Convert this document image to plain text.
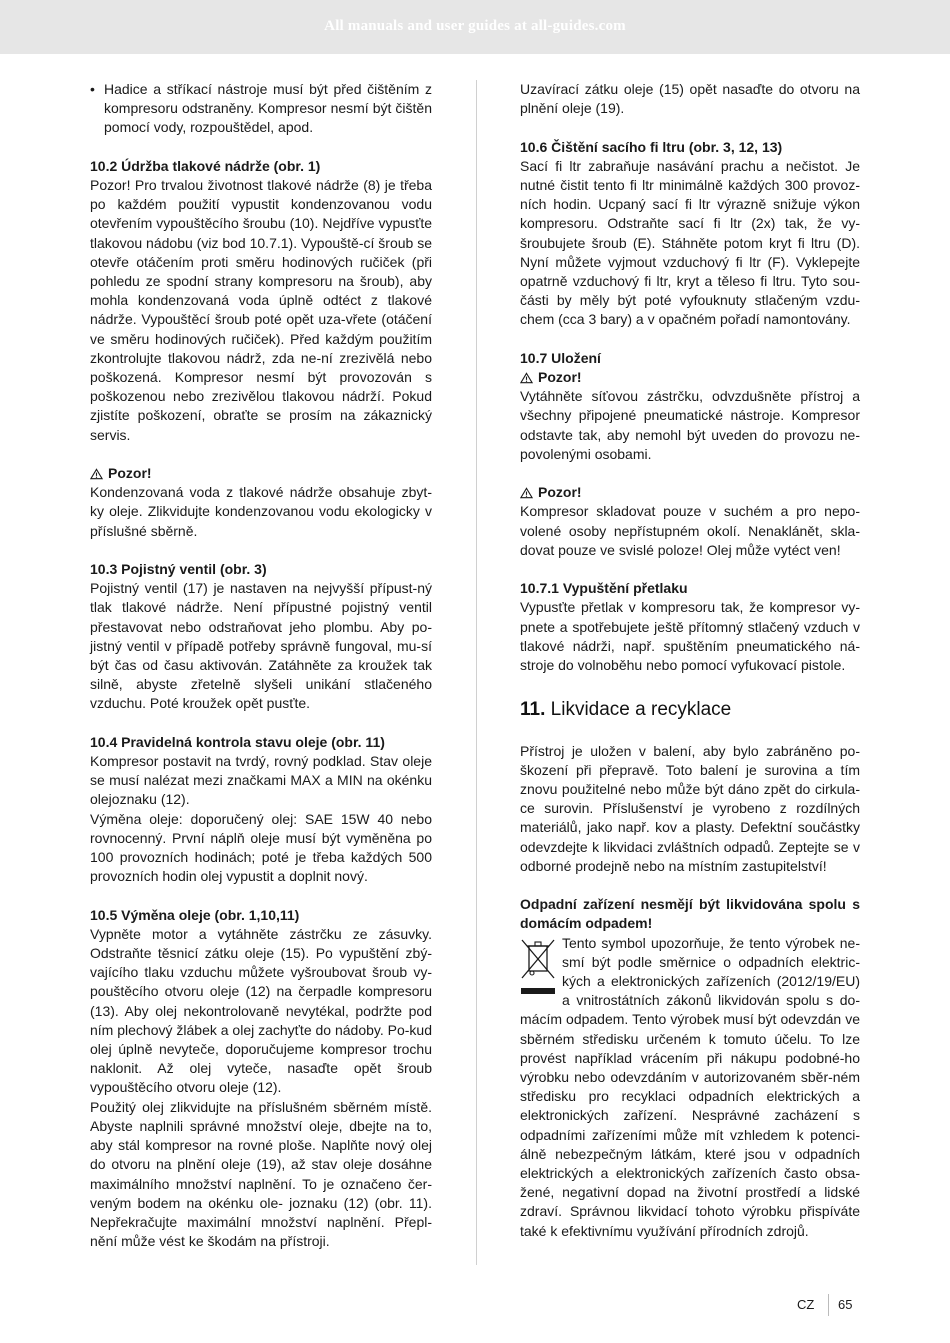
All manuals and user guides at all-guides.com

• Hadice a stříkací nástroje musí být před čištěním z kompresoru odstraněny. Kompresor nesmí být čištěn pomocí vody, rozpouštědel, apod.

10.2 Údržba tlakové nádrže (obr. 1)

Pozor! Pro trvalou životnost tlakové nádrže (8) je třeba po každém použití vypustit kondenzovanou vodu otevřením vypouštěcího šroubu (10). Nejdříve vypusťte tlakovou nádobu (viz bod 10.7.1). Vypouště-cí šroub se otevře otáčením proti směru hodinových ručiček (při pohledu ze spodní strany kompresoru na šroub), aby mohla kondenzovaná voda úplně odtéct z tlakové nádrže. Vypouštěcí šroub poté opět uza-vřete (otáčení ve směru hodinových ručiček). Před každým použitím zkontrolujte tlakovou nádrž, zda ne-ní zrezivělá nebo poškozená. Kompresor nesmí být provozován s poškozenou nebo zrezivělou tlakovou nádrží. Pokud zjistíte poškození, obraťte se prosím na zákaznický servis.

Pozor!

Kondenzovaná voda z tlakové nádrže obsahuje zbyt-ky oleje. Zlikvidujte kondenzovanou vodu ekologicky v příslušné sběrně.

10.3 Pojistný ventil (obr. 3)

Pojistný ventil (17) je nastaven na nejvyšší přípust-ný tlak tlakové nádrže. Není přípustné pojistný ventil přestavovat nebo odstraňovat jeho plombu. Aby po-jistný ventil v případě potřeby správně fungoval, mu-sí být čas od času aktivován. Zatáhněte za kroužek tak silně, abyste zřetelně slyšeli unikání stlačeného vzduchu. Poté kroužek opět pusťte.

10.4 Pravidelná kontrola stavu oleje (obr. 11)

Kompresor postavit na tvrdý, rovný podklad. Stav oleje se musí nalézat mezi značkami MAX a MIN na okénku olejoznaku (12).

Výměna oleje: doporučený olej: SAE 15W 40 nebo rovnocenný. První náplň oleje musí být vyměněna po 100 provozních hodinách; poté je třeba každých 500 provozních hodin olej vypustit a doplnit nový.

10.5 Výměna oleje (obr. 1,10,11)

Vypněte motor a vytáhněte zástrčku ze zásuvky. Odstraňte těsnicí zátku oleje (15). Po vypuštění zbý-vajícího tlaku vzduchu můžete vyšroubovat šroub vy-pouštěcího otvoru oleje (12) na čerpadle kompresoru (13). Aby olej nekontrolovaně nevytékal, podržte pod ním plechový žlábek a olej zachyťte do nádoby. Po-kud olej úplně nevyteče, doporučujeme kompresor trochu naklonit. Až olej vyteče, nasaďte opět šroub vypouštěcího otvoru oleje (12).

Použitý olej zlikvidujte na příslušném sběrném místě. Abyste naplnili správné množství oleje, dbejte na to, aby stál kompresor na rovné ploše. Naplňte nový olej do otvoru na plnění oleje (19), až stav oleje dosáhne maximálního množství naplnění. To je označeno čer-veným bodem na okénku ole- joznaku (12) (obr. 11). Nepřekračujte maximální množství naplnění. Přepl-nění může vést ke škodám na přístroji.

Uzavírací zátku oleje (15) opět nasaďte do otvoru na plnění oleje (19).

10.6 Čištění sacího fi ltru (obr. 3, 12, 13)

Sací fi ltr zabraňuje nasávání prachu a nečistot. Je nutné čistit tento fi ltr minimálně každých 300 provoz-ních hodin. Ucpaný sací fi ltr výrazně snižuje výkon kompresoru. Odstraňte sací fi ltr (2x) tak, že vy-šroubujete šroub (E). Stáhněte potom kryt fi ltru (D). Nyní můžete vyjmout vzduchový fi ltr (F). Vyklepejte opatrně vzduchový fi ltr, kryt a těleso fi ltru. Tyto sou-části by měly být poté vyfouknuty stlačeným vzdu-chem (cca 3 bary) a v opačném pořadí namontovány.

10.7 Uložení

Pozor!

Vytáhněte síťovou zástrčku, odvzdušněte přístroj a všechny připojené pneumatické nástroje. Kompresor odstavte tak, aby nemohl být uveden do provozu ne-povolenými osobami.

Pozor!

Kompresor skladovat pouze v suchém a pro nepo-volené osoby nepřístupném okolí. Nenaklánět, skla-dovat pouze ve svislé poloze! Olej může vytéct ven!

10.7.1 Vypuštění přetlaku

Vypusťte přetlak v kompresoru tak, že kompresor vy-pnete a spotřebujete ještě přítomný stlačený vzduch v tlakové nádrži, např. spuštěním pneumatického ná-stroje do volnoběhu nebo pomocí vyfukovací pistole.

11. Likvidace a recyklace

Přístroj je uložen v balení, aby bylo zabráněno po-škození při přepravě. Toto balení je surovina a tím znovu použitelné nebo může být dáno zpět do cirkula-ce surovin. Příslušenství je vyrobeno z rozdílných materiálů, jako např. kov a plasty. Defektní součástky odevzdejte k likvidaci zvláštních odpadů. Zeptejte se v odborné prodejně nebo na místním zastupitelství!

Odpadní zařízení nesmějí být likvidována spolu s domácím odpadem!

Tento symbol upozorňuje, že tento výrobek ne-smí být podle směrnice o odpadních elektric-kých a elektronických zařízeních (2012/19/EU) a vnitrostátních zákonů likvidován spolu s do-mácím odpadem. Tento výrobek musí být odevzdán ve sběrném středisku určeném k tomuto účelu. To lze provést například vrácením při nákupu podobné-ho výrobku nebo odevzdáním v autorizovaném sběr-ném středisku pro recyklaci odpadních elektrických a elektronických zařízení. Nesprávné zacházení s odpadními zařízeními může mít vzhledem k potenci-álně nebezpečným látkám, které jsou v odpadních elektrických a elektronických zařízeních často obsa-žené, negativní dopad na životní prostředí a lidské zdraví. Správnou likvidací tohoto výrobku přispíváte také k efektivnímu využívání přírodních zdrojů.

CZ 65
